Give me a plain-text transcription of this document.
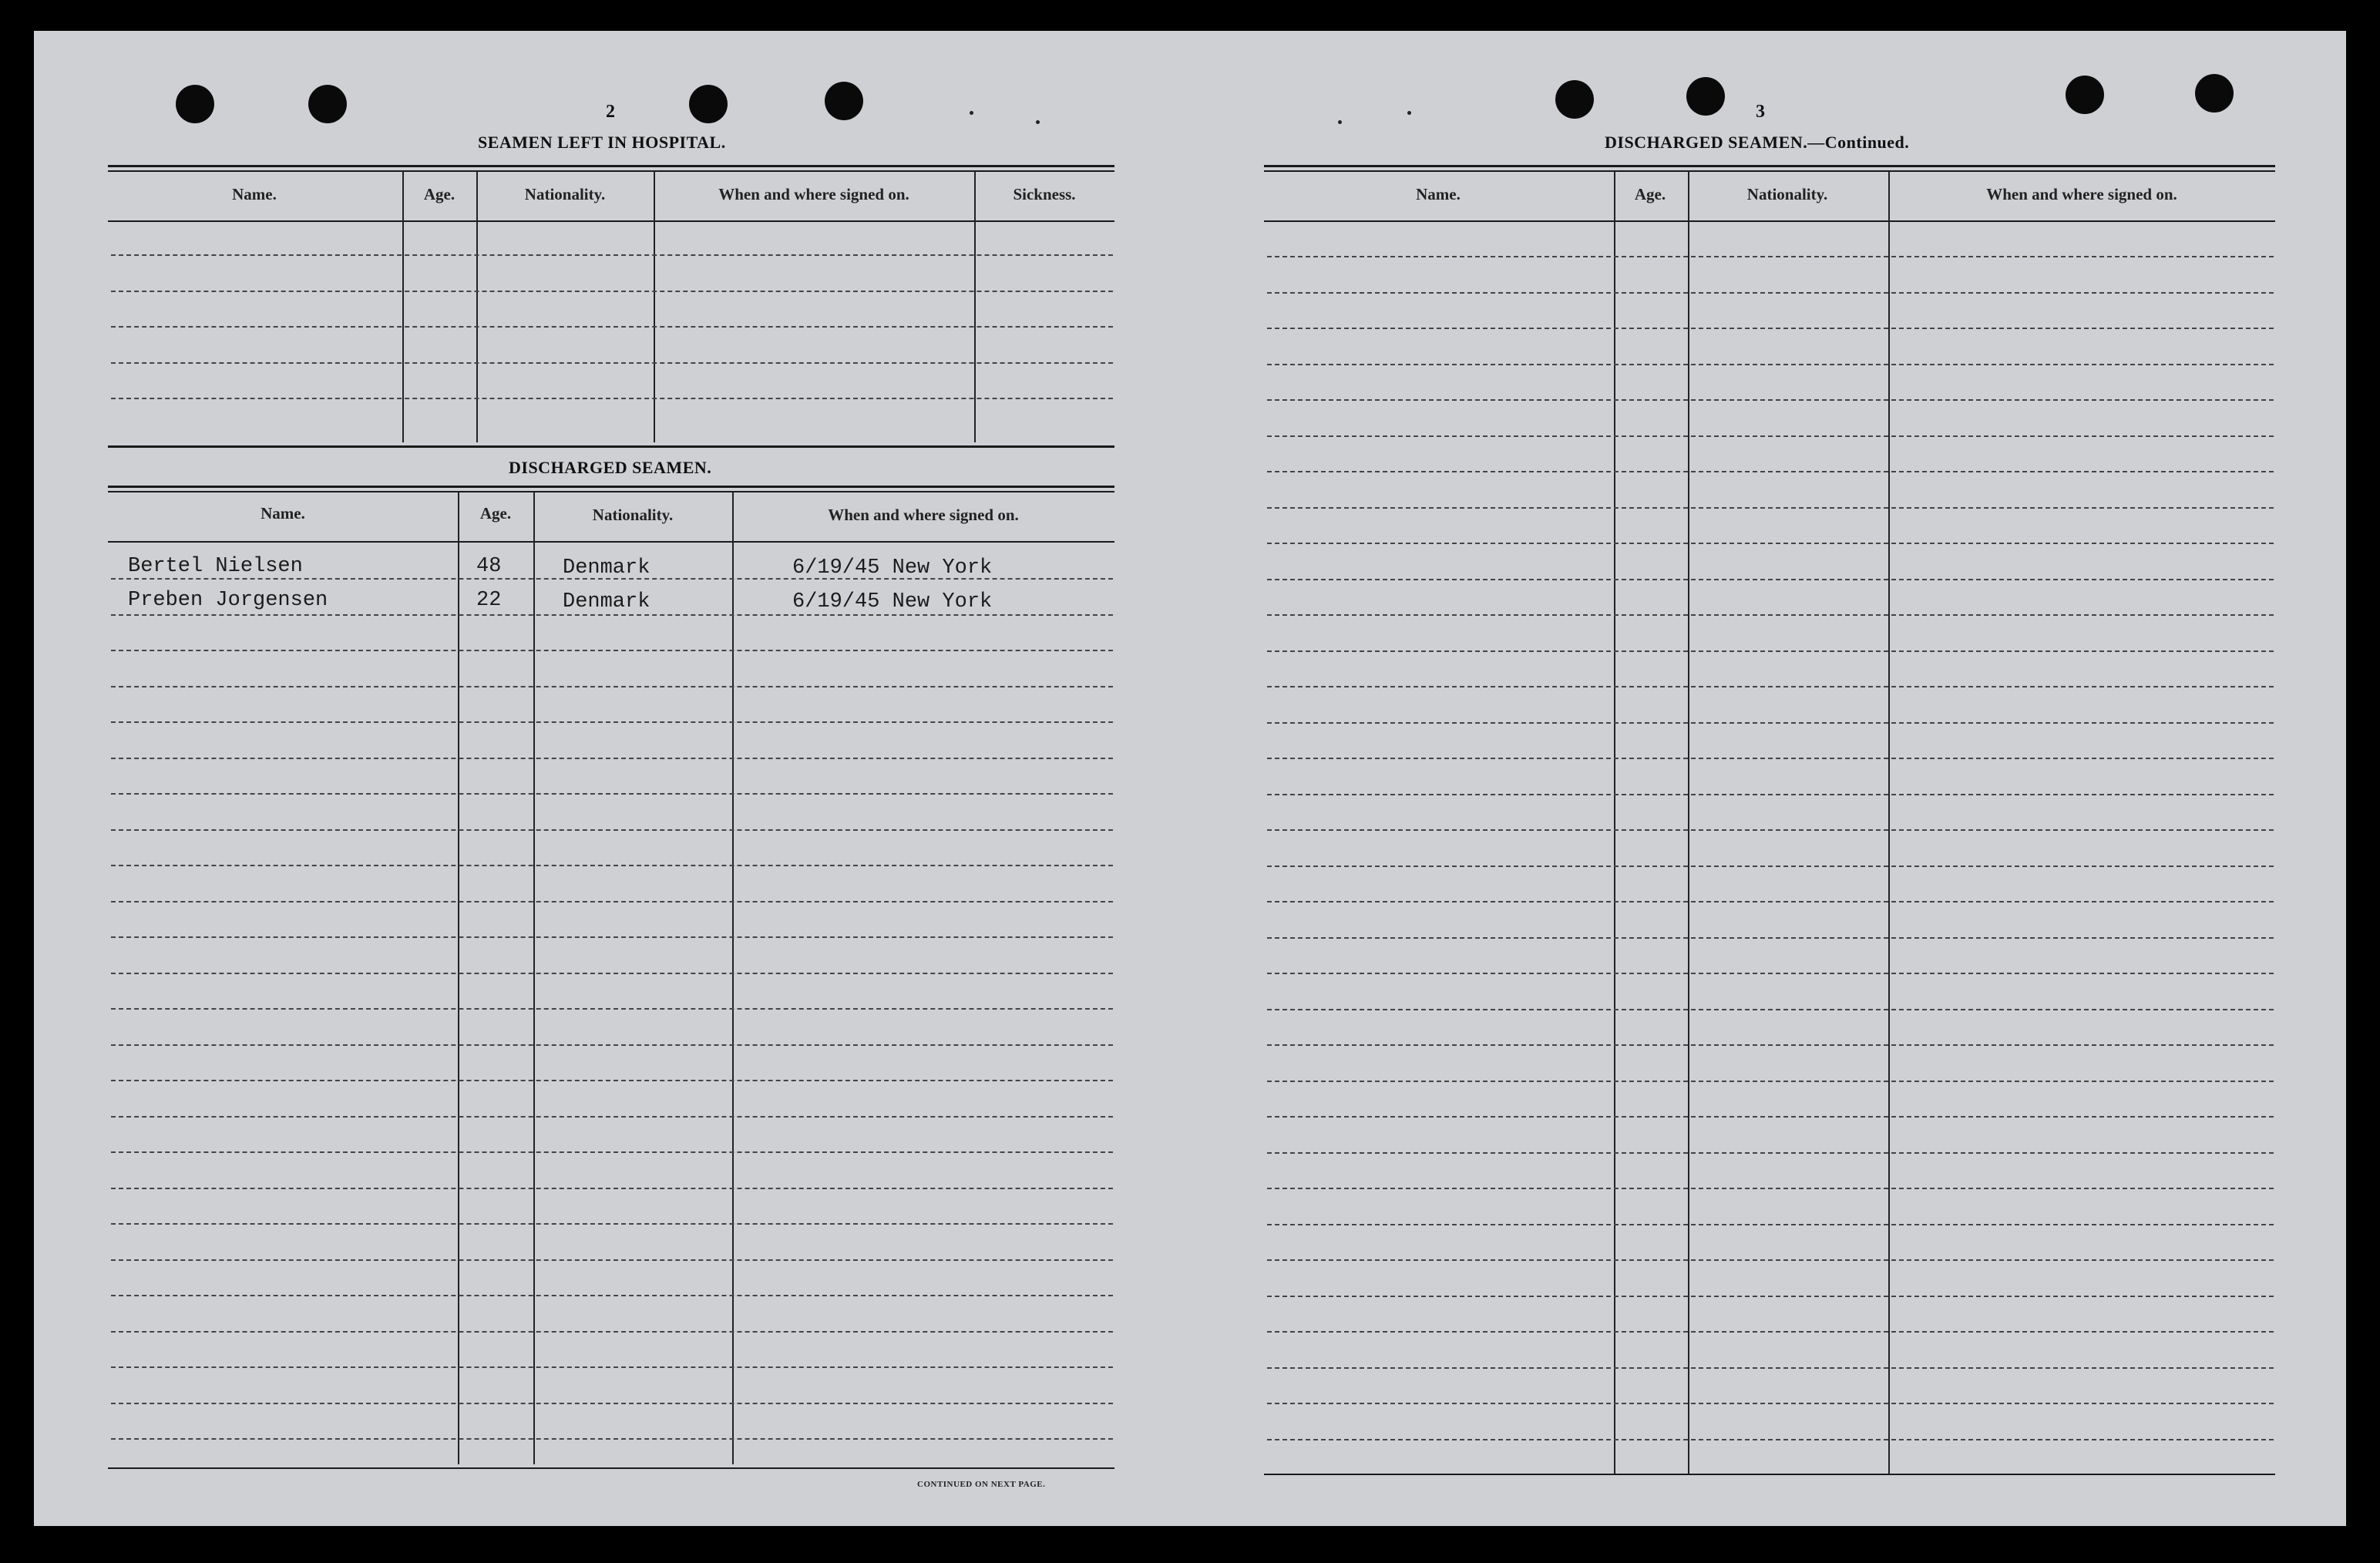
2
SEAMEN LEFT IN HOSPITAL.
Name.	Age.	Nationality.	When and where signed on.	Sickness.
DISCHARGED SEAMEN.
Name.	Age.	Nationality.	When and where signed on.
Bertel Nielsen	48	Denmark	6/19/45 New York
Preben Jorgensen	22	Denmark	6/19/45 New York
CONTINUED ON NEXT PAGE.
3
DISCHARGED SEAMEN.—Continued.
Name.	Age.	Nationality.	When and where signed on.
